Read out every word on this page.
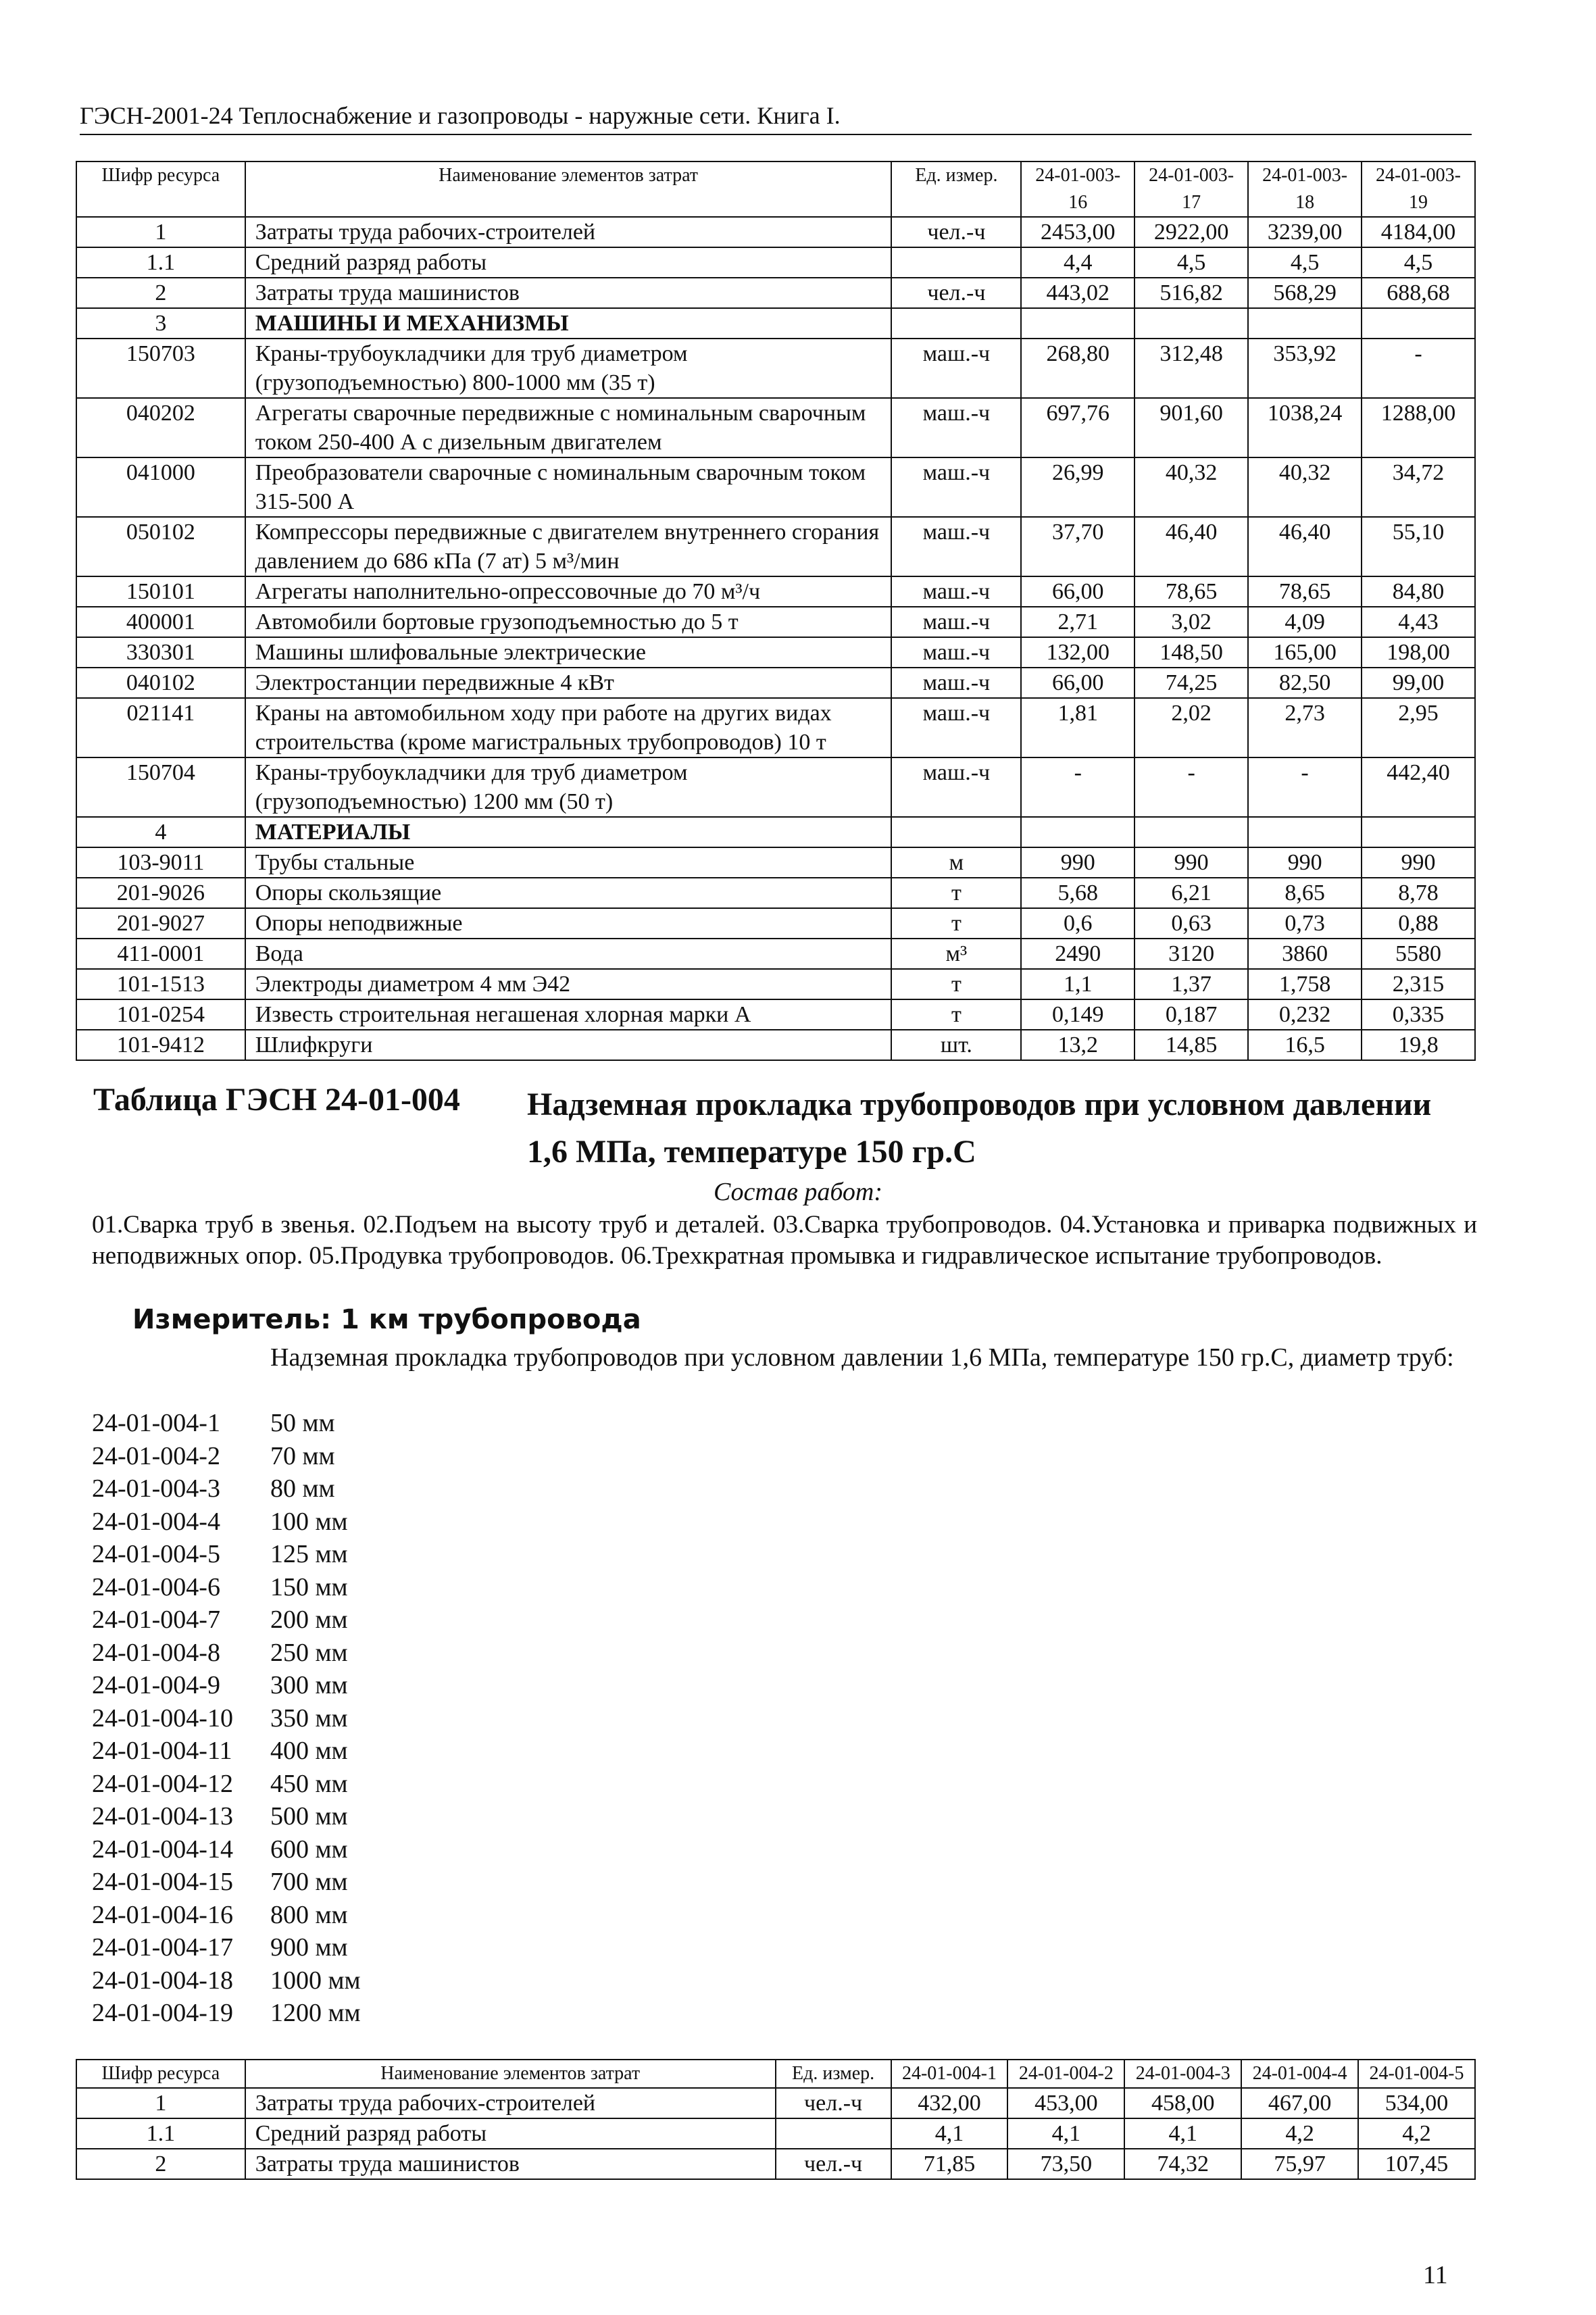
ГЭСН-2001-24 Теплоснабжение и газопроводы - наружные сети. Книга I.
Шифр ресурса	Наименование элементов затрат	Ед. измер.	24-01-003-16	24-01-003-17	24-01-003-18	24-01-003-19
1	Затраты труда рабочих-строителей	чел.-ч	2453,00	2922,00	3239,00	4184,00
1.1	Средний разряд работы		4,4	4,5	4,5	4,5
2	Затраты труда машинистов	чел.-ч	443,02	516,82	568,29	688,68
3	МАШИНЫ И МЕХАНИЗМЫ					
150703	Краны-трубоукладчики для труб диаметром (грузоподъемностью) 800-1000 мм (35 т)	маш.-ч	268,80	312,48	353,92	-
040202	Агрегаты сварочные передвижные с номинальным сварочным током 250-400 А с дизельным двигателем	маш.-ч	697,76	901,60	1038,24	1288,00
041000	Преобразователи сварочные с номинальным сварочным током 315-500 А	маш.-ч	26,99	40,32	40,32	34,72
050102	Компрессоры передвижные с двигателем внутреннего сгорания давлением до 686 кПа (7 ат) 5 м³/мин	маш.-ч	37,70	46,40	46,40	55,10
150101	Агрегаты наполнительно-опрессовочные до 70 м³/ч	маш.-ч	66,00	78,65	78,65	84,80
400001	Автомобили бортовые грузоподъемностью до 5 т	маш.-ч	2,71	3,02	4,09	4,43
330301	Машины шлифовальные электрические	маш.-ч	132,00	148,50	165,00	198,00
040102	Электростанции передвижные 4 кВт	маш.-ч	66,00	74,25	82,50	99,00
021141	Краны на автомобильном ходу при работе на других видах строительства (кроме магистральных трубопроводов) 10 т	маш.-ч	1,81	2,02	2,73	2,95
150704	Краны-трубоукладчики для труб диаметром (грузоподъемностью) 1200 мм (50 т)	маш.-ч	-	-	-	442,40
4	МАТЕРИАЛЫ					
103-9011	Трубы стальные	м	990	990	990	990
201-9026	Опоры скользящие	т	5,68	6,21	8,65	8,78
201-9027	Опоры неподвижные	т	0,6	0,63	0,73	0,88
411-0001	Вода	м³	2490	3120	3860	5580
101-1513	Электроды диаметром 4 мм Э42	т	1,1	1,37	1,758	2,315
101-0254	Известь строительная негашеная хлорная марки А	т	0,149	0,187	0,232	0,335
101-9412	Шлифкруги	шт.	13,2	14,85	16,5	19,8
Таблица ГЭСН 24-01-004 Надземная прокладка трубопроводов при условном давлении 1,6 МПа, температуре 150 гр.С
Состав работ:
01.Сварка труб в звенья. 02.Подъем на высоту труб и деталей. 03.Сварка трубопроводов. 04.Установка и приварка подвижных и неподвижных опор. 05.Продувка трубопроводов. 06.Трехкратная промывка и гидравлическое испытание трубопроводов.
Измеритель: 1 км трубопровода
Надземная прокладка трубопроводов при условном давлении 1,6 МПа, температуре 150 гр.С, диаметр труб:
24-01-004-1	50 мм
24-01-004-2	70 мм
24-01-004-3	80 мм
24-01-004-4	100 мм
24-01-004-5	125 мм
24-01-004-6	150 мм
24-01-004-7	200 мм
24-01-004-8	250 мм
24-01-004-9	300 мм
24-01-004-10	350 мм
24-01-004-11	400 мм
24-01-004-12	450 мм
24-01-004-13	500 мм
24-01-004-14	600 мм
24-01-004-15	700 мм
24-01-004-16	800 мм
24-01-004-17	900 мм
24-01-004-18	1000 мм
24-01-004-19	1200 мм
Шифр ресурса	Наименование элементов затрат	Ед. измер.	24-01-004-1	24-01-004-2	24-01-004-3	24-01-004-4	24-01-004-5
1	Затраты труда рабочих-строителей	чел.-ч	432,00	453,00	458,00	467,00	534,00
1.1	Средний разряд работы		4,1	4,1	4,1	4,2	4,2
2	Затраты труда машинистов	чел.-ч	71,85	73,50	74,32	75,97	107,45
11
